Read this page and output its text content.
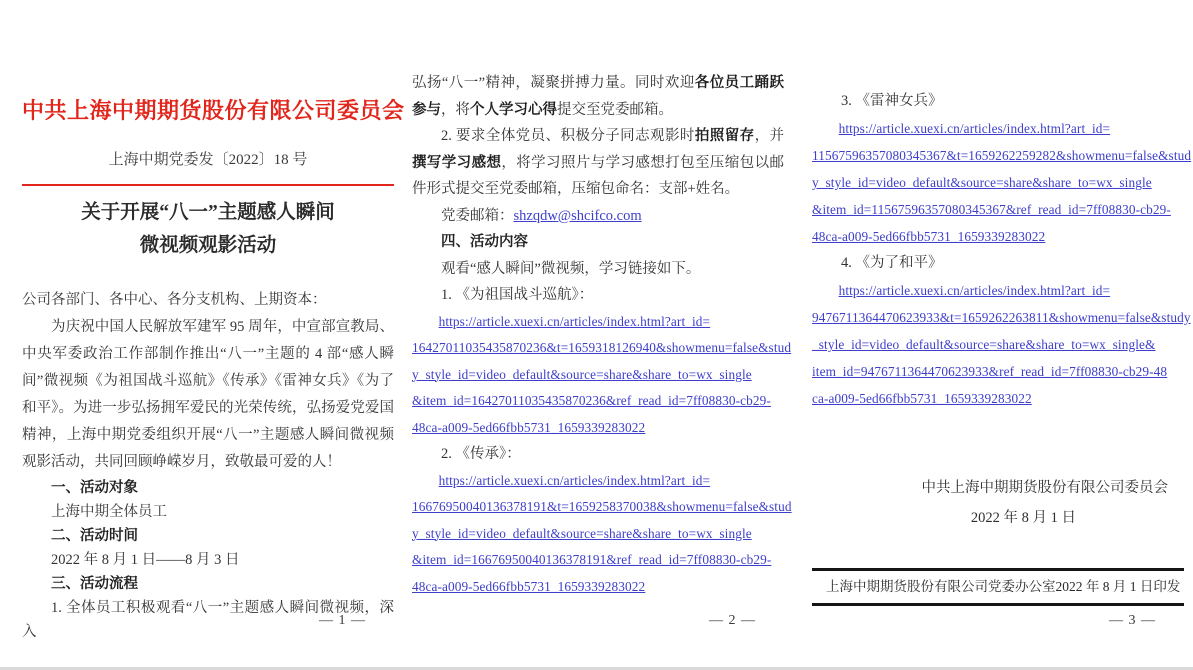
中共上海中期期货股份有限公司委员会
上海中期党委发〔2022〕18 号
关于开展“八一”主题感人瞬间
微视频观影活动
公司各部门、各中心、各分支机构、上期资本：
为庆祝中国人民解放军建军 95 周年，中宣部宣教局、中央军委政治工作部制作推出“八一”主题的 4 部“感人瞬间”微视频《为祖国战斗巡航》《传承》《雷神女兵》《为了和平》。为进一步弘扬拥军爱民的光荣传统，弘扬爱党爱国精神，上海中期党委组织开展“八一”主题感人瞬间微视频观影活动，共同回顾峥嵘岁月，致敬最可爱的人！
一、活动对象
上海中期全体员工
二、活动时间
2022 年 8 月 1 日——8 月 3 日
三、活动流程
1. 全体员工积极观看“八一”主题感人瞬间微视频，深入
— 1 —
弘扬“八一”精神，凝聚拼搏力量。同时欢迎各位员工踊跃参与，将个人学习心得提交至党委邮箱。
2. 要求全体党员、积极分子同志观影时拍照留存，并撰写学习感想，将学习照片与学习感想打包至压缩包以邮件形式提交至党委邮箱，压缩包命名：支部+姓名。
党委邮箱：shzqdw@shcifco.com
四、活动内容
观看“感人瞬间”微视频，学习链接如下。
1. 《为祖国战斗巡航》：
https://article.xuexi.cn/articles/index.html?art_id=
16427011035435870236&t=1659318126940&showmenu=false&stud
y_style_id=video_default&source=share&share_to=wx_single
&item_id=16427011035435870236&ref_read_id=7ff08830-cb29-
48ca-a009-5ed66fbb5731_1659339283022
2. 《传承》：
https://article.xuexi.cn/articles/index.html?art_id=
16676950040136378191&t=1659258370038&showmenu=false&stud
y_style_id=video_default&source=share&share_to=wx_single
&item_id=16676950040136378191&ref_read_id=7ff08830-cb29-
48ca-a009-5ed66fbb5731_1659339283022
— 2 —
3. 《雷神女兵》
https://article.xuexi.cn/articles/index.html?art_id=
11567596357080345367&t=1659262259282&showmenu=false&stud
y_style_id=video_default&source=share&share_to=wx_single
&item_id=11567596357080345367&ref_read_id=7ff08830-cb29-
48ca-a009-5ed66fbb5731_1659339283022
4. 《为了和平》
https://article.xuexi.cn/articles/index.html?art_id=
9476711364470623933&t=1659262263811&showmenu=false&study
_style_id=video_default&source=share&share_to=wx_single&
item_id=9476711364470623933&ref_read_id=7ff08830-cb29-48
ca-a009-5ed66fbb5731_1659339283022
中共上海中期期货股份有限公司委员会
2022 年 8 月 1 日
上海中期期货股份有限公司党委办公室 2022 年 8 月 1 日印发
— 3 —
